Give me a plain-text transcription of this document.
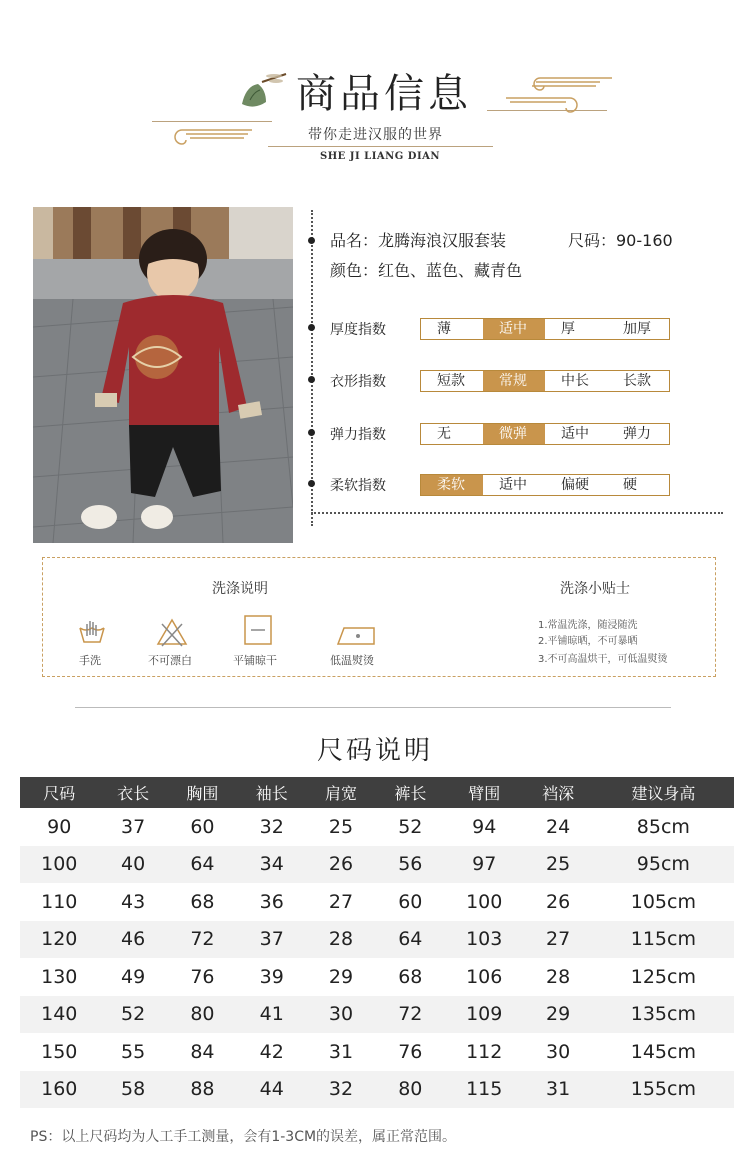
商品信息
带你走进汉服的世界
SHE JI LIANG DIAN
品名：龙腾海浪汉服套装	尺码：90-160
颜色：红色、蓝色、藏青色
厚度指数	薄	适中	厚	加厚
衣形指数	短款	常规	中长	长款
弹力指数	无	微弹	适中	弹力
柔软指数	柔软	适中	偏硬	硬
洗涤说明	洗涤小贴士
手洗	不可漂白	平铺晾干	低温熨烫
1.常温洗涤，随浸随洗
2.平铺晾晒，不可暴晒
3.不可高温烘干，可低温熨烫
尺码说明
尺码	衣长	胸围	袖长	肩宽	裤长	臂围	裆深	建议身高
90	37	60	32	25	52	94	24	85cm
100	40	64	34	26	56	97	25	95cm
110	43	68	36	27	60	100	26	105cm
120	46	72	37	28	64	103	27	115cm
130	49	76	39	29	68	106	28	125cm
140	52	80	41	30	72	109	29	135cm
150	55	84	42	31	76	112	30	145cm
160	58	88	44	32	80	115	31	155cm
PS：以上尺码均为人工手工测量，会有1-3CM的误差，属正常范围。
